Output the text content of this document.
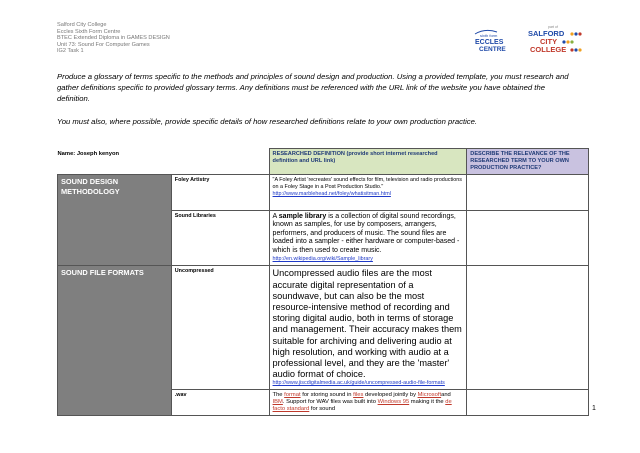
Salford City College
Eccles Sixth Form Centre
BTEC Extended Diploma in GAMES DESIGN
Unit 73: Sound For Computer Games
IG2 Task 1
sixth form
ECCLES
CENTRE
part of
SALFORD
CITY
COLLEGE

Produce a glossary of terms specific to the methods and principles of sound design and production. Using a provided template, you must research and gather definitions specific to provided glossary terms. Any definitions must be referenced with the URL link of the website you have obtained the definition.

You must also, where possible, provide specific details of how researched definitions relate to your own production practice.

Name: Joseph kenyon		RESEARCHED DEFINITION (provide short internet researched definition and URL link)	DESCRIBE THE RELEVANCE OF THE RESEARCHED TERM TO YOUR OWN PRODUCTION PRACTICE?
SOUND DESIGN METHODOLOGY	Foley Artistry	"A Foley Artist 'recreates' sound effects for film, television and radio productions on a Foley Stage in a Post Production Studio."
http://www.marblehead.net/foley/whatisitman.html	

	Sound Libraries	A sample library is a collection of digital sound recordings, known as samples, for use by composers, arrangers, performers, and producers of music. The sound files are loaded into a sampler - either hardware or computer-based - which is then used to create music.
http://en.wikipedia.org/wiki/Sample_library	

SOUND FILE FORMATS	Uncompressed	Uncompressed audio files are the most accurate digital representation of a soundwave, but can also be the most resource-intensive method of recording and storing digital audio, both in terms of storage and management. Their accuracy makes them suitable for archiving and delivering audio at high resolution, and working with audio at a professional level, and they are the 'master' audio format of choice.
http://www.jiscdigitalmedia.ac.uk/guide/uncompressed-audio-file-formats	

	.wav	The format for storing sound in files developed jointly by Microsoftand IBM. Support for WAV files was built into Windows 95 making it the de facto standard for sound		1
